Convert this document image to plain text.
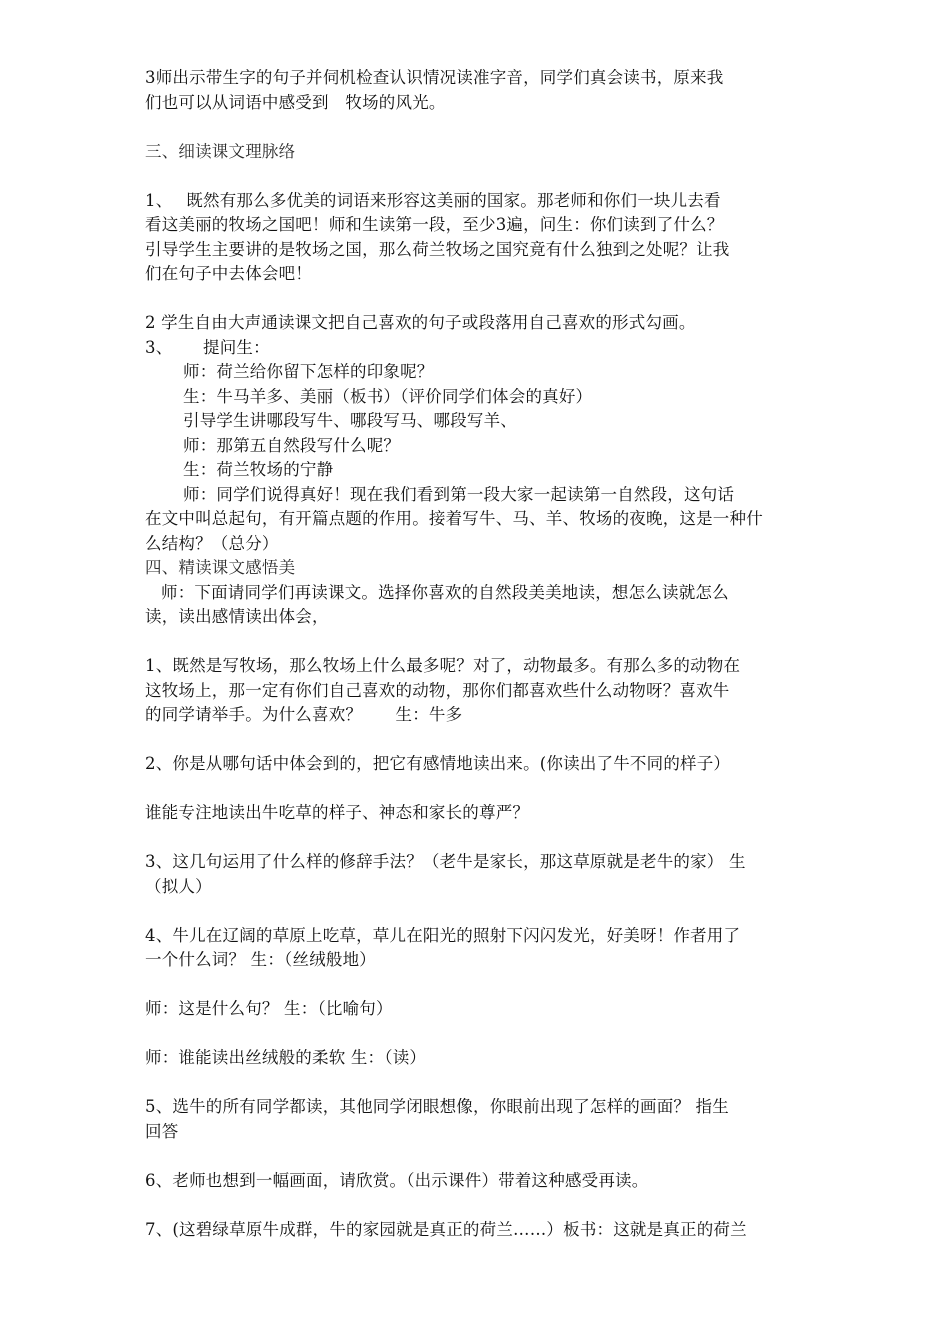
3师出示带生字的句子并伺机检查认识情况读准字音，同学们真会读书，原来我

们也可以从词语中感受到　牧场的风光。

三、细读课文理脉络

1、　 既然有那么多优美的词语来形容这美丽的国家。那老师和你们一块儿去看

看这美丽的牧场之国吧！师和生读第一段，至少3遍，问生：你们读到了什么？

引导学生主要讲的是牧场之国，那么荷兰牧场之国究竟有什么独到之处呢？让我

们在句子中去体会吧！

2 学生自由大声通读课文把自己喜欢的句子或段落用自己喜欢的形式勾画。

3、　　 提问生：

师：荷兰给你留下怎样的印象呢？

生：牛马羊多、美丽（板书）（评价同学们体会的真好）

引导学生讲哪段写牛、哪段写马、哪段写羊、

师：那第五自然段写什么呢？

生：荷兰牧场的宁静

师：同学们说得真好！现在我们看到第一段大家一起读第一自然段，这句话

在文中叫总起句，有开篇点题的作用。接着写牛、马、羊、牧场的夜晚，这是一种什

么结构？（总分）

四、精读课文感悟美

师：下面请同学们再读课文。选择你喜欢的自然段美美地读，想怎么读就怎么

读，读出感情读出体会，

1、既然是写牧场，那么牧场上什么最多呢？对了，动物最多。有那么多的动物在

这牧场上，那一定有你们自己喜欢的动物，那你们都喜欢些什么动物呀？喜欢牛

的同学请举手。为什么喜欢？　　生：牛多

2、你是从哪句话中体会到的，把它有感情地读出来。(你读出了牛不同的样子）

谁能专注地读出牛吃草的样子、神态和家长的尊严？

3、这几句运用了什么样的修辞手法？（老牛是家长，那这草原就是老牛的家） 生

（拟人）

4、牛儿在辽阔的草原上吃草，草儿在阳光的照射下闪闪发光，好美呀！作者用了

一个什么词？ 生：（丝绒般地）

师：这是什么句？ 生：（比喻句）

师：谁能读出丝绒般的柔软 生：（读）

5、选牛的所有同学都读，其他同学闭眼想像，你眼前出现了怎样的画面？ 指生

回答

6、老师也想到一幅画面，请欣赏。（出示课件）带着这种感受再读。

7、(这碧绿草原牛成群，牛的家园就是真正的荷兰……）板书：这就是真正的荷兰
